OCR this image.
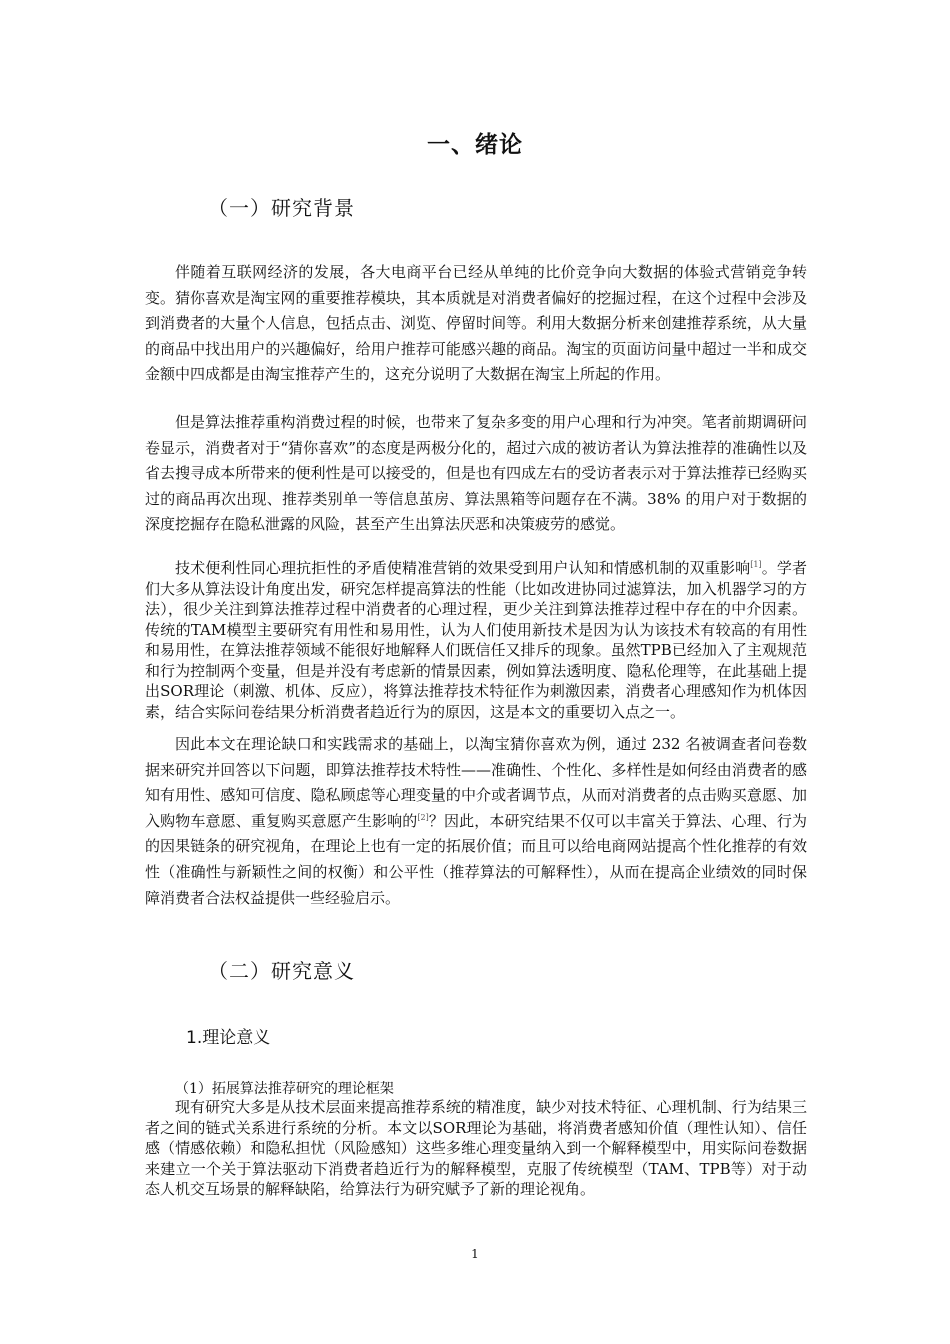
一、绪论
（一）研究背景

伴随着互联网经济的发展，各大电商平台已经从单纯的比价竞争向大数据的体验式营销竞争转变。猜你喜欢是淘宝网的重要推荐模块，其本质就是对消费者偏好的挖掘过程，在这个过程中会涉及到消费者的大量个人信息，包括点击、浏览、停留时间等。利用大数据分析来创建推荐系统，从大量的商品中找出用户的兴趣偏好，给用户推荐可能感兴趣的商品。淘宝的页面访问量中超过一半和成交金额中四成都是由淘宝推荐产生的，这充分说明了大数据在淘宝上所起的作用。

但是算法推荐重构消费过程的时候，也带来了复杂多变的用户心理和行为冲突。笔者前期调研问卷显示，消费者对于“猜你喜欢”的态度是两极分化的，超过六成的被访者认为算法推荐的准确性以及省去搜寻成本所带来的便利性是可以接受的，但是也有四成左右的受访者表示对于算法推荐已经购买过的商品再次出现、推荐类别单一等信息茧房、算法黑箱等问题存在不满。38% 的用户对于数据的深度挖掘存在隐私泄露的风险，甚至产生出算法厌恶和决策疲劳的感觉。

技术便利性同心理抗拒性的矛盾使精准营销的效果受到用户认知和情感机制的双重影响[1]。学者们大多从算法设计角度出发，研究怎样提高算法的性能（比如改进协同过滤算法，加入机器学习的方法），很少关注到算法推荐过程中消费者的心理过程，更少关注到算法推荐过程中存在的中介因素。传统的TAM模型主要研究有用性和易用性，认为人们使用新技术是因为认为该技术有较高的有用性和易用性，在算法推荐领域不能很好地解释人们既信任又排斥的现象。虽然TPB已经加入了主观规范和行为控制两个变量，但是并没有考虑新的情景因素，例如算法透明度、隐私伦理等，在此基础上提出SOR理论（刺激、机体、反应），将算法推荐技术特征作为刺激因素，消费者心理感知作为机体因素，结合实际问卷结果分析消费者趋近行为的原因，这是本文的重要切入点之一。

因此本文在理论缺口和实践需求的基础上，以淘宝猜你喜欢为例，通过 232 名被调查者问卷数据来研究并回答以下问题，即算法推荐技术特性——准确性、个性化、多样性是如何经由消费者的感知有用性、感知可信度、隐私顾虑等心理变量的中介或者调节点，从而对消费者的点击购买意愿、加入购物车意愿、重复购买意愿产生影响的[2]？因此，本研究结果不仅可以丰富关于算法、心理、行为的因果链条的研究视角，在理论上也有一定的拓展价值；而且可以给电商网站提高个性化推荐的有效性（准确性与新颖性之间的权衡）和公平性（推荐算法的可解释性），从而在提高企业绩效的同时保障消费者合法权益提供一些经验启示。

（二）研究意义
1.理论意义
（1）拓展算法推荐研究的理论框架

现有研究大多是从技术层面来提高推荐系统的精准度，缺少对技术特征、心理机制、行为结果三者之间的链式关系进行系统的分析。本文以SOR理论为基础，将消费者感知价值（理性认知）、信任感（情感依赖）和隐私担忧（风险感知）这些多维心理变量纳入到一个解释模型中，用实际问卷数据来建立一个关于算法驱动下消费者趋近行为的解释模型，克服了传统模型（TAM、TPB等）对于动态人机交互场景的解释缺陷，给算法行为研究赋予了新的理论视角。

1
